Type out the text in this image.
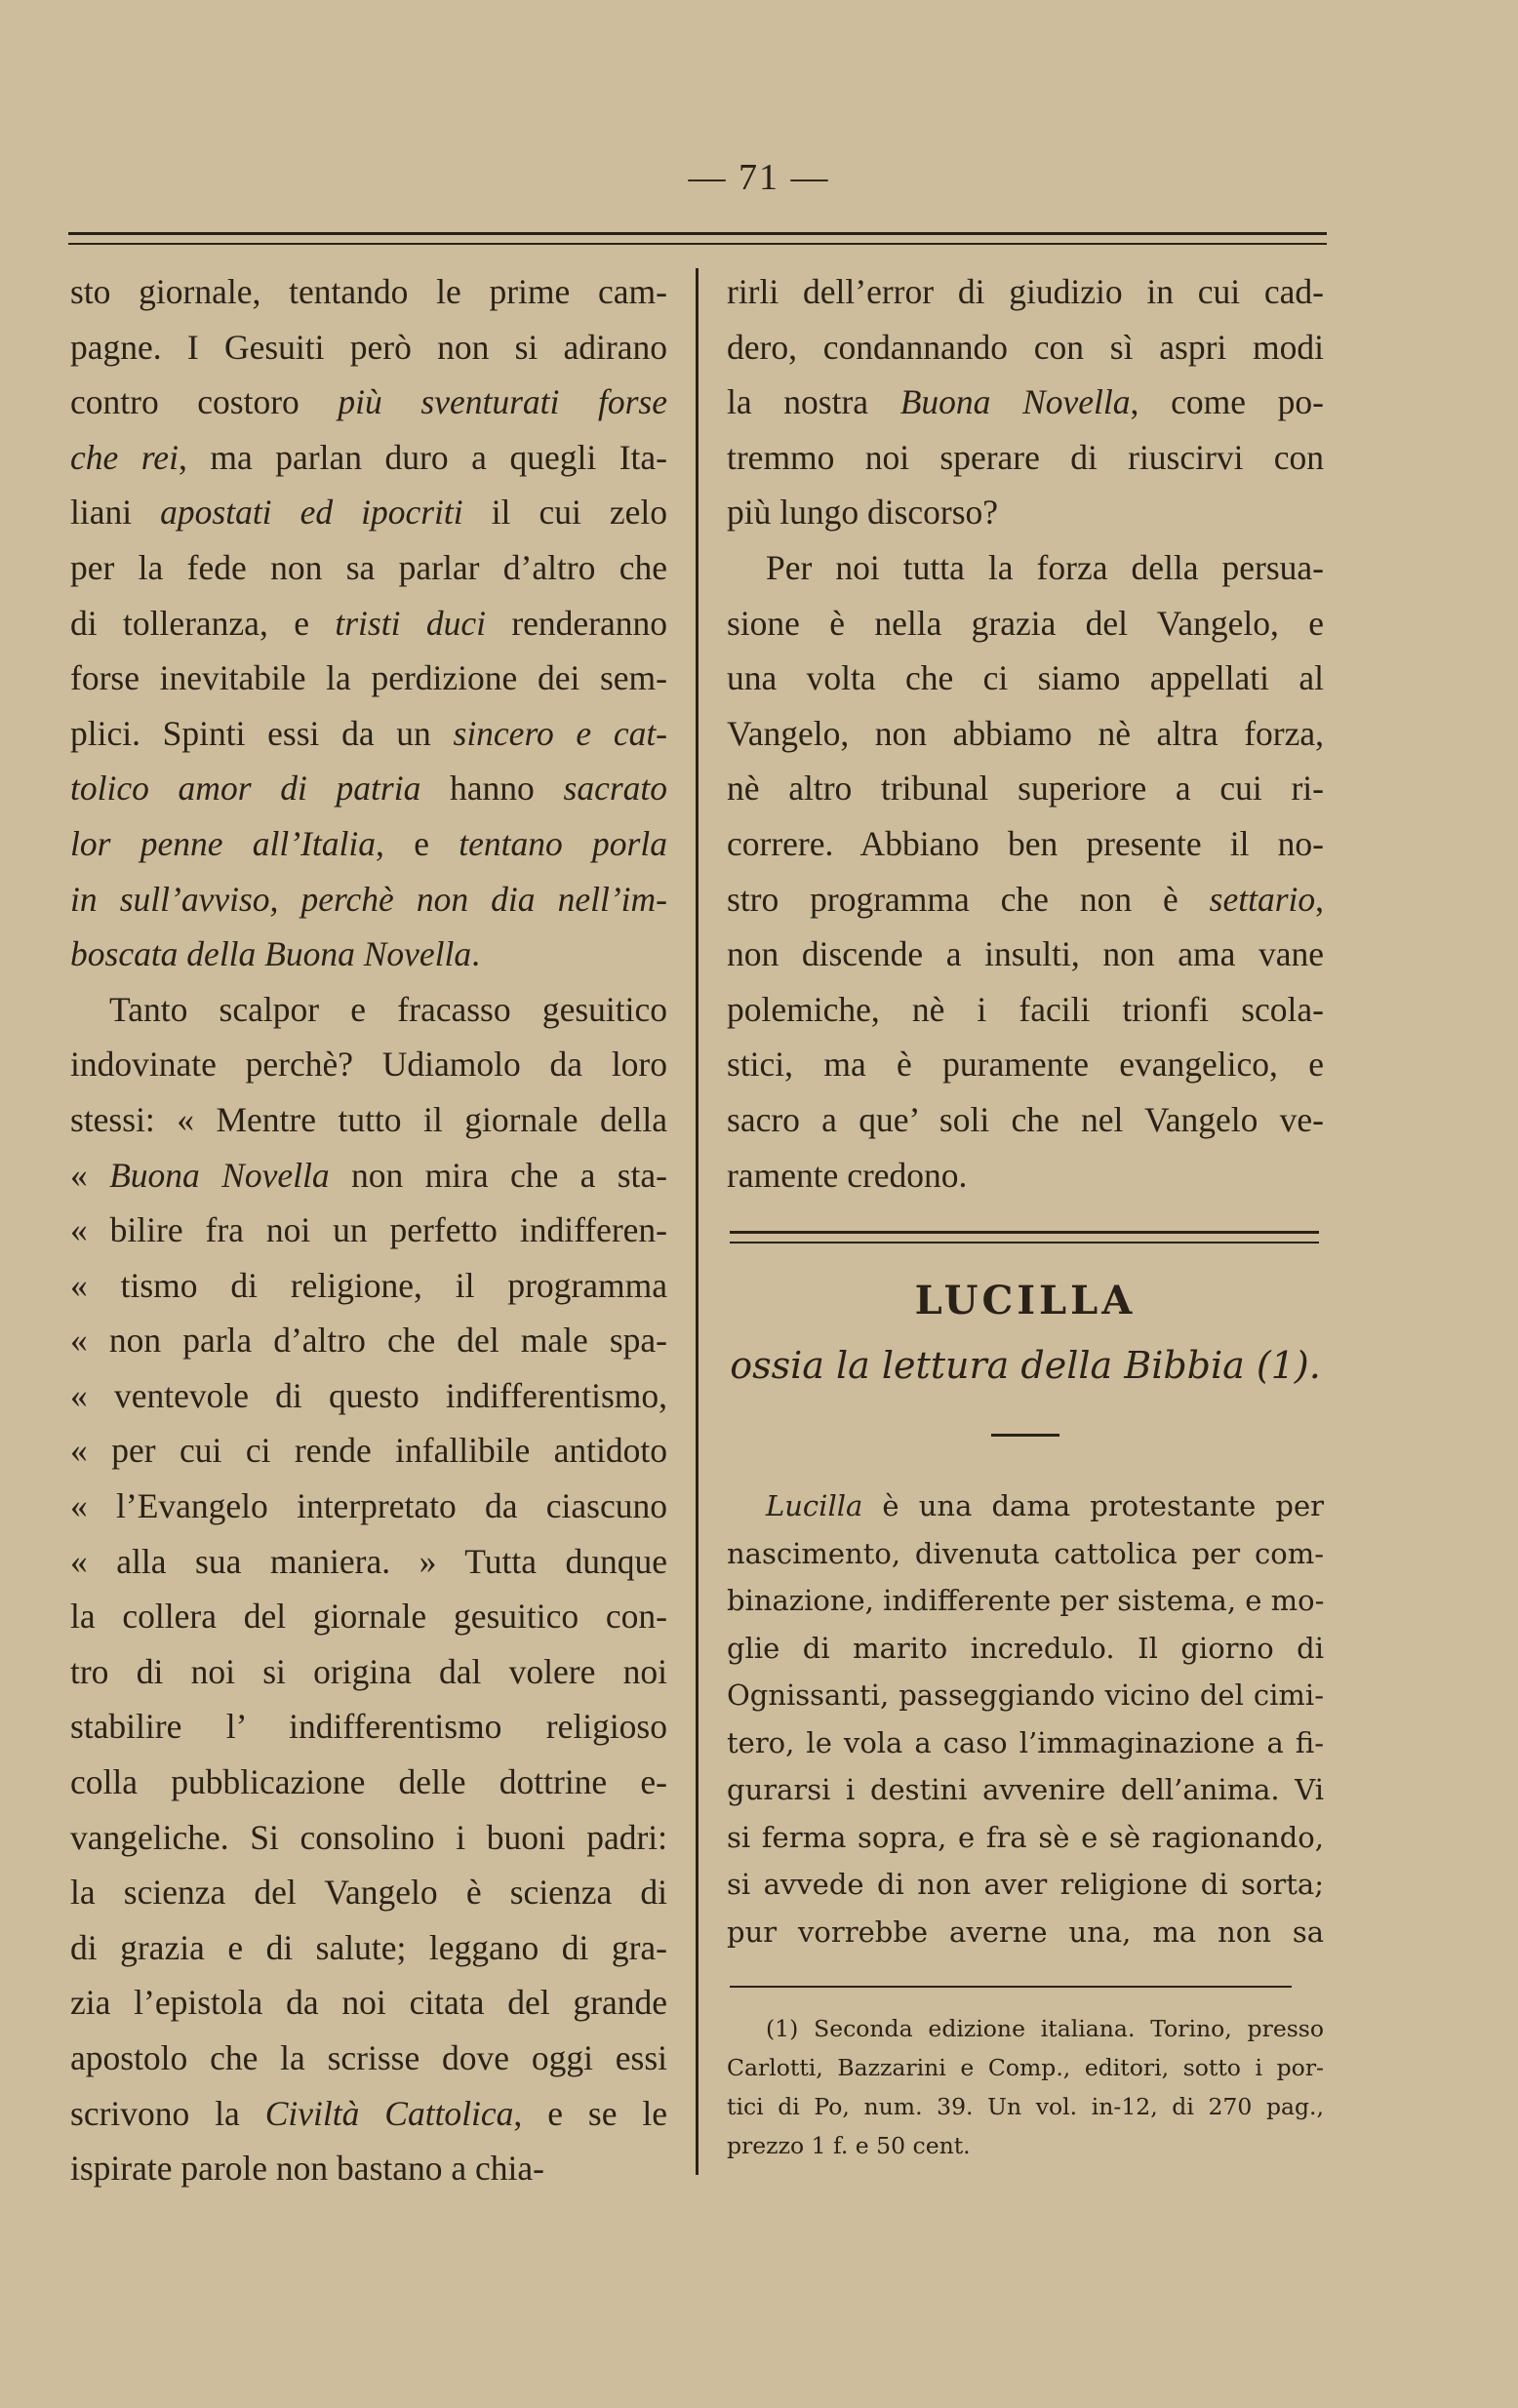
— 71 —
sto giornale, tentando le prime cam-
pagne. I Gesuiti però non si adirano
contro costoro più sventurati forse
che rei, ma parlan duro a quegli Ita-
liani apostati ed ipocriti il cui zelo
per la fede non sa parlar d’altro che
di tolleranza, e tristi duci renderanno
forse inevitabile la perdizione dei sem-
plici. Spinti essi da un sincero e cat-
tolico amor di patria hanno sacrato
lor penne all’Italia, e tentano porla
in sull’avviso, perchè non dia nell’im-
boscata della Buona Novella.
Tanto scalpor e fracasso gesuitico
indovinate perchè? Udiamolo da loro
stessi: « Mentre tutto il giornale della
« Buona Novella non mira che a sta-
« bilire fra noi un perfetto indifferen-
« tismo di religione, il programma
« non parla d’altro che del male spa-
« ventevole di questo indifferentismo,
« per cui ci rende infallibile antidoto
« l’Evangelo interpretato da ciascuno
« alla sua maniera. » Tutta dunque
la collera del giornale gesuitico con-
tro di noi si origina dal volere noi
stabilire l’ indifferentismo religioso
colla pubblicazione delle dottrine e-
vangeliche. Si consolino i buoni padri:
la scienza del Vangelo è scienza di
di grazia e di salute; leggano di gra-
zia l’epistola da noi citata del grande
apostolo che la scrisse dove oggi essi
scrivono la Civiltà Cattolica, e se le
ispirate parole non bastano a chia-
rirli dell’error di giudizio in cui cad-
dero, condannando con sì aspri modi
la nostra Buona Novella, come po-
tremmo noi sperare di riuscirvi con
più lungo discorso?
Per noi tutta la forza della persua-
sione è nella grazia del Vangelo, e
una volta che ci siamo appellati al
Vangelo, non abbiamo nè altra forza,
nè altro tribunal superiore a cui ri-
correre. Abbiano ben presente il no-
stro programma che non è settario,
non discende a insulti, non ama vane
polemiche, nè i facili trionfi scola-
stici, ma è puramente evangelico, e
sacro a que’ soli che nel Vangelo ve-
ramente credono.
LUCILLA
ossia la lettura della Bibbia (1).
Lucilla è una dama protestante per
nascimento, divenuta cattolica per com-
binazione, indifferente per sistema, e mo-
glie di marito incredulo. Il giorno di
Ognissanti, passeggiando vicino del cimi-
tero, le vola a caso l’immaginazione a fi-
gurarsi i destini avvenire dell’anima. Vi
si ferma sopra, e fra sè e sè ragionando,
si avvede di non aver religione di sorta;
pur vorrebbe averne una, ma non sa
(1) Seconda edizione italiana. Torino, presso
Carlotti, Bazzarini e Comp., editori, sotto i por-
tici di Po, num. 39. Un vol. in-12, di 270 pag.,
prezzo 1 f. e 50 cent.
